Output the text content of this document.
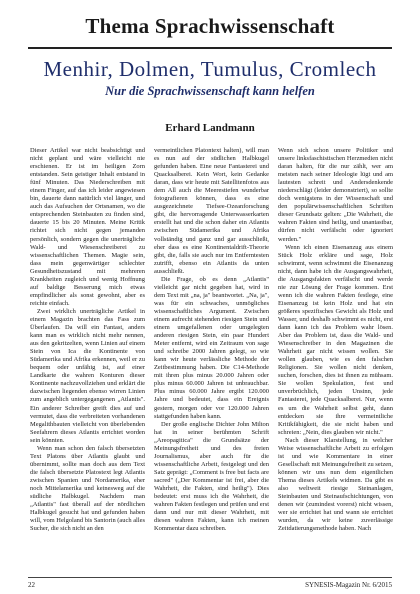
Thema Sprachwissenschaft
Menhir, Dolmen, Tumulus, Cromlech
Nur die Sprachwissenschaft kann helfen
Erhard Landmann

Dieser Artikel war nicht beabsichtigt und nicht geplant und wäre vielleicht nie erschienen. Er ist im heiligen Zorn entstanden. Sein geistiger Inhalt entstand in fünf Minuten. Das Niederschreiben mit einem Finger, auf das ich leider angewiesen bin, dauerte dann natürlich viel länger, und auch das Aufsuchen der Ortsnamen, wo die entsprechenden Steinbauten zu finden sind, dauerte 15 bis 20 Minuten. Meine Kritik richtet sich nicht gegen jemanden persönlich, sondern gegen die unerträgliche Wald- und Wiesenschreiberei zu wissenschaftlichen Themen. Magie sein, dass mein gegenwärtiger schlechter Gesundheitszustand mit mehreren Krankheiten zugleich und wenig Hoffnung auf baldige Besserung mich etwas empfindlicher als sonst gewohnt, aber es reichte einfach.

Zwei wirklich unerträgliche Artikel in einem Magazin brachten das Fass zum Überlaufen. Da will ein Fantast, anders kann man es wirklich nicht mehr nennen, aus den gekritzelten, wenn Linien auf einem Stein von Ica die Kontinente von Südamerika und Afrika erkennen, weil er zu bequem oder unfähig ist, auf einer Landkarte die wahren Konturen dieser Kontinente nachzuvollziehen und erklärt die dazwischen liegenden ebenso wirren Linien zum angeblich untergegangenen „Atlantis". Ein anderer Schreiber greift dies auf und vermutet, dass die verbreiteten vorhandenen Megalithbauten vielleicht von überlebenden Seefahrern dieses Atlantis errichtet worden sein könnten.

Wenn man schon den falsch übersetzten Text Platons über Atlantis glaubt und übernimmt, sollte man doch aus dem Text die falsch übersetzte Platostext legt Atlantis zwischen Spanien und Nordamerika, eher noch Mittelamerika und keinesweg auf die südliche Halbkugel. Nachdem man „Atlantis" fast überall auf der nördlichen Halbkugel gesucht hat und gefunden haben will, vom Helgoland bis Santorin (auch alles Sucher, die sich nicht an den

vermeintlichen Platontext halten), will man es nun auf der südlichen Halbkugel gefunden haben. Eine neue Fantasterei und Quacksalberei. Kein Wort, kein Gedanke daran, dass wir heute mit Satellitenfotos aus dem All auch die Meerestiefen wunderbar fotografieren können, dass es eine ausgezeichnete Tiefsee-Ozeanforschung gibt, die hervorragende Unterwasserkarten erstellt hat und die schon daher ein Atlantis zwischen Südamerika und Afrika vollständig und ganz und gar ausschließt, eher dass es eine Kontinentaldrift-Theorie gibt, die, falls sie auch nur im Entferntesten zutrifft, ebenso ein Atlantis da unten ausschließt.

Die Frage, ob es denn „Atlantis" vielleicht gar nicht gegeben hat, wird in dem Text mit „na, ja" beantwortet. „Na, ja", was für ein schwaches, unmögliches wissenschaftliches Argument. Zwischen einem aufrecht stehenden riesigen Stein und einem umgefallenen oder umgelegten anderen riesigen Stein, ein paar Hundert Meter entfernt, wird ein Zeitraum von sage und schreibe 2000 Jahren gelegt, so wie kann wir heute verlässliche Methode der Zeitbestimmung haben. Die C14-Methode mit ihren plus minus 20.000 Jahren oder plus minus 60.000 Jahren ist unbrauchbar. Plus minus 60.000 Jahre ergibt 120.000 Jahre und bedeutet, dass ein Ereignis gestern, morgen oder vor 120.000 Jahren stattgefunden haben kann.

Der große englische Dichter John Milton hat in seiner berühmten Schrift „Areopagitica" die Grundsätze der Meinungsfreiheit und des freien Journalismus, aber auch für die wissenschaftliche Arbeit, festgelegt und den Satz geprägt: „Comment is free but facts are sacred" („Der Kommentar ist frei, aber die Wahrheit, die Fakten, sind heilig"). Dies bedeutet: erst muss ich die Wahrheit, die wahren Fakten festlegen und prüfen und erst dann und nur mit dieser Wahrheit, mit diesen wahren Fakten, kann ich meinen Kommentar dazu schreiben.

Wenn sich schon unsere Politiker und unsere linksfaschistischen Herzmedien nicht daran halten, für die nur zählt, wer am meisten nach seiner Ideologie lügt und am lautesten schreit und Andersdenkende niederschlägt (leider demonstriert), so sollte doch wenigstens in der Wissenschaft und den populärwissenschaftlichen Schriften dieser Grundsatz gelten: „Die Wahrheit, die wahren Fakten sind heilig, und unantastbar, dürfen nicht verfälscht oder ignoriert werden."

Wenn ich einen Eisenanzug aus einem Stück Holz erkläre und sage, Holz schwimmt, wenn schwimmt die Eisenanzug nicht, dann habe ich die Ausgangswahrheit, die Ausgangsfakten verfälscht und werde nie zur Lösung der Frage kommen. Erst wenn ich die wahren Fakten festlege, eine Eisenanzug ist kein Holz und hat ein größeres spezifisches Gewicht als Holz und Wasser, und deshalb schwimmt es nicht, erst dann kann ich das Problem wahr lösen. Aber das Problem ist, dass die Wald- und Wiesenschreiber in den Magazinen die Wahrheit gar nicht wissen wollen. Sie wollen glauben, wie es den falschen Religionen. Sie wollen nicht denken, suchen, forschen, dies ist ihnen zu mühsam. Sie wollen Spekulation, fest und unverbrüchlich, jeden Unsinn, jede Fantasterei, jede Quacksalberei. Nur, wenn es um die Wahrheit selbst geht, dann entdecken sie ihre vermeintliche Kritikfähigkeit, die sie nicht haben und schreien: „Nein, dies glauben wir nicht."

Nach dieser Klarstellung, in welcher Weise wissenschaftliche Arbeit zu erfolgen ist und wie Kommentare in einer Gesellschaft mit Meinungsfreiheit zu setzen, können wir uns nun dem eigentlichen Thema dieses Artikels widmen. Da gibt es also weltweit riesige Steinanlagen, Steinbauten und Steinaufschichtungen, von denen wir (zumindest vorerst) nicht wissen, wer sie errichtet hat und wann sie errichtet wurden, da wir keine zuverlässige Zeitdatierungsmethode haben. Nach

22	SYNESIS-Magazin Nr. 6/2015
